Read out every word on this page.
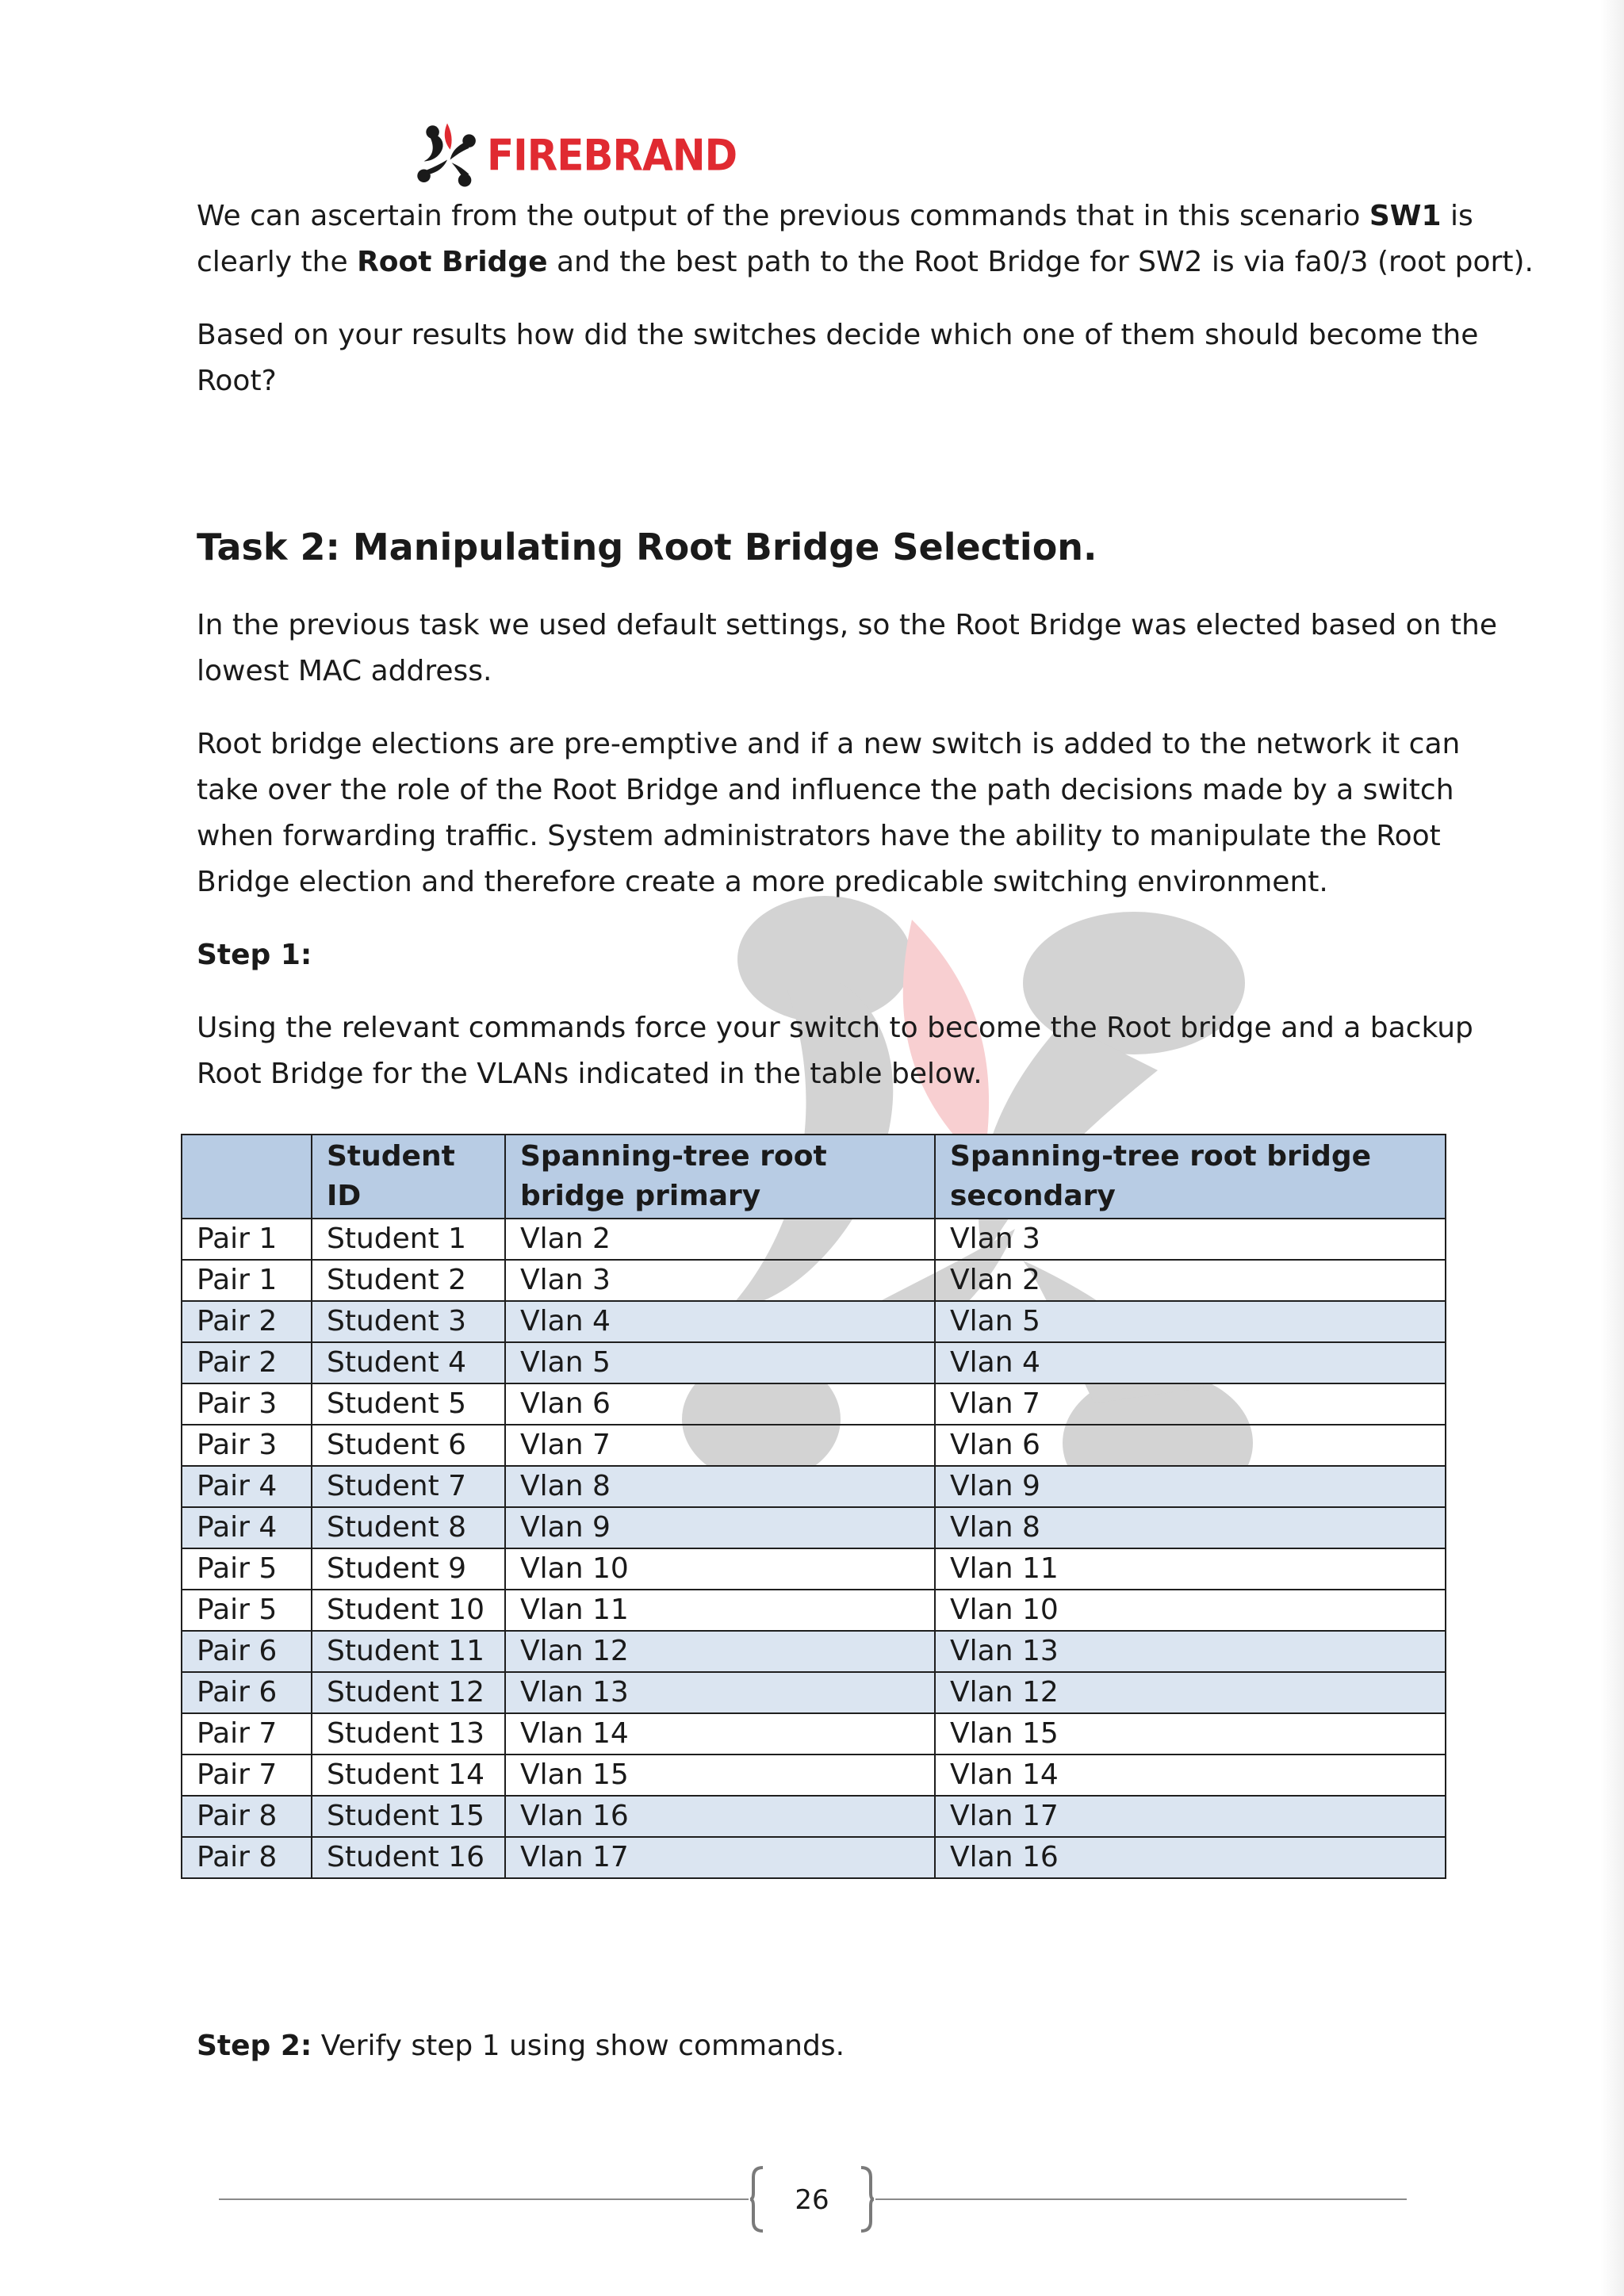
FIREBRAND

We can ascertain from the output of the previous commands that in this scenario SW1 is
clearly the Root Bridge and the best path to the Root Bridge for SW2 is via fa0/3 (root port).

Based on your results how did the switches decide which one of them should become the
Root?

Task 2: Manipulating Root Bridge Selection.

In the previous task we used default settings, so the Root Bridge was elected based on the
lowest MAC address.

Root bridge elections are pre-emptive and if a new switch is added to the network it can
take over the role of the Root Bridge and influence the path decisions made by a switch
when forwarding traffic. System administrators have the ability to manipulate the Root
Bridge election and therefore create a more predicable switching environment.

Step 1:

Using the relevant commands force your switch to become the Root bridge and a backup
Root Bridge for the VLANs indicated in the table below.

	Student ID	Spanning-tree root bridge primary	Spanning-tree root bridge secondary
Pair 1	Student 1	Vlan 2	Vlan 3
Pair 1	Student 2	Vlan 3	Vlan 2
Pair 2	Student 3	Vlan 4	Vlan 5
Pair 2	Student 4	Vlan 5	Vlan 4
Pair 3	Student 5	Vlan 6	Vlan 7
Pair 3	Student 6	Vlan 7	Vlan 6
Pair 4	Student 7	Vlan 8	Vlan 9
Pair 4	Student 8	Vlan 9	Vlan 8
Pair 5	Student 9	Vlan 10	Vlan 11
Pair 5	Student 10	Vlan 11	Vlan 10
Pair 6	Student 11	Vlan 12	Vlan 13
Pair 6	Student 12	Vlan 13	Vlan 12
Pair 7	Student 13	Vlan 14	Vlan 15
Pair 7	Student 14	Vlan 15	Vlan 14
Pair 8	Student 15	Vlan 16	Vlan 17
Pair 8	Student 16	Vlan 17	Vlan 16
Step 2: Verify step 1 using show commands.
26
